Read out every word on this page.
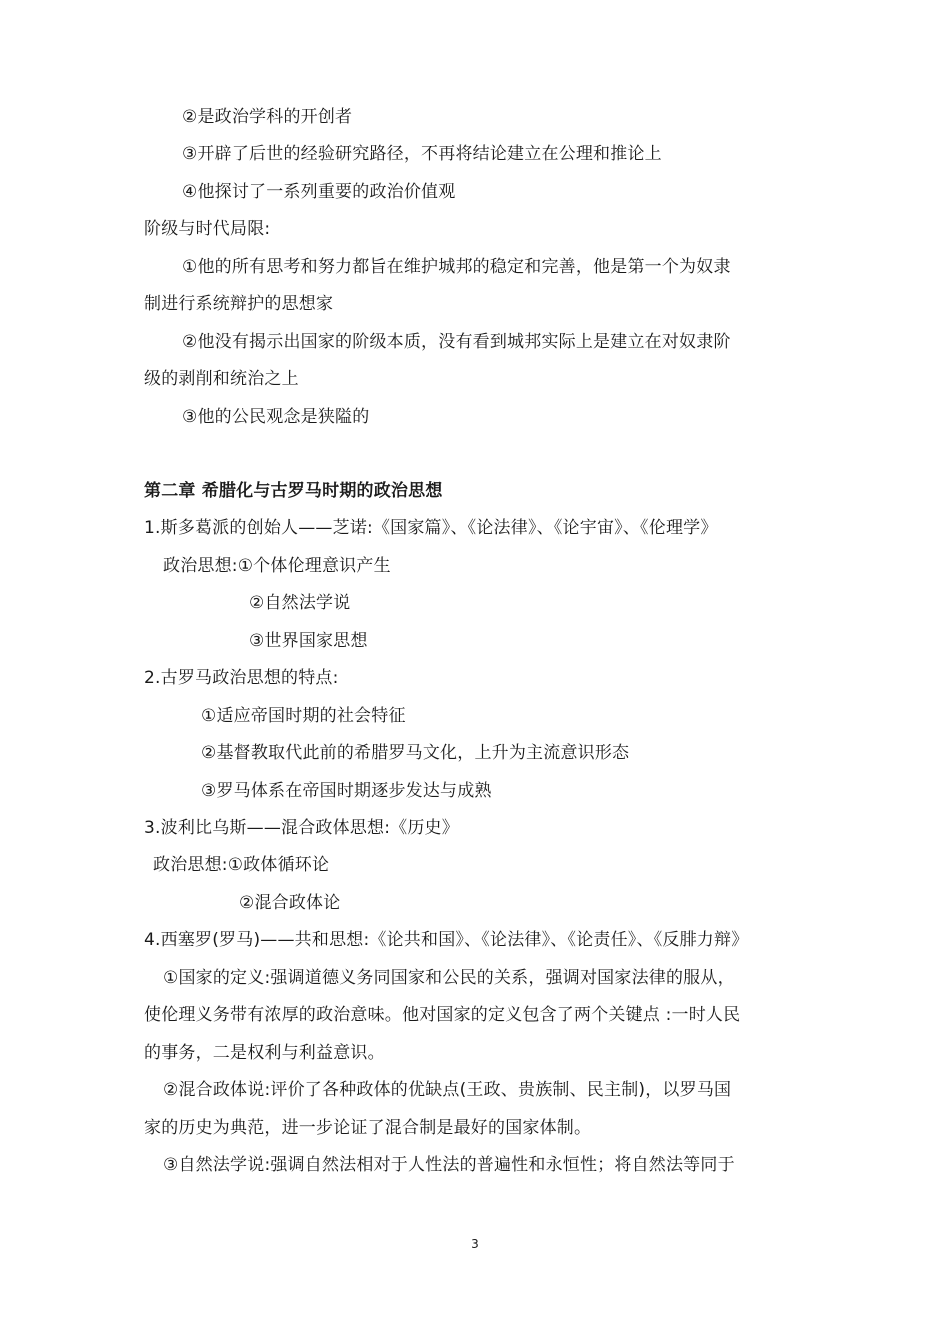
②是政治学科的开创者
③开辟了后世的经验研究路径，不再将结论建立在公理和推论上
④他探讨了一系列重要的政治价值观
阶级与时代局限:
①他的所有思考和努力都旨在维护城邦的稳定和完善，他是第一个为奴隶
制进行系统辩护的思想家
②他没有揭示出国家的阶级本质，没有看到城邦实际上是建立在对奴隶阶
级的剥削和统治之上
③他的公民观念是狭隘的
第二章 希腊化与古罗马时期的政治思想
1.斯多葛派的创始人——芝诺:《国家篇》、《论法律》、《论宇宙》、《伦理学》
政治思想:①个体伦理意识产生
②自然法学说
③世界国家思想
2.古罗马政治思想的特点:
①适应帝国时期的社会特征
②基督教取代此前的希腊罗马文化，上升为主流意识形态
③罗马体系在帝国时期逐步发达与成熟
3.波利比乌斯——混合政体思想:《历史》
政治思想:①政体循环论
②混合政体论
4.西塞罗(罗马)——共和思想:《论共和国》、《论法律》、《论责任》、《反腓力辩》
①国家的定义:强调道德义务同国家和公民的关系，强调对国家法律的服从，
使伦理义务带有浓厚的政治意味。他对国家的定义包含了两个关键点 :一时人民
的事务，二是权利与利益意识。
②混合政体说:评价了各种政体的优缺点(王政、贵族制、民主制)，以罗马国
家的历史为典范，进一步论证了混合制是最好的国家体制。
③自然法学说:强调自然法相对于人性法的普遍性和永恒性；将自然法等同于
3
